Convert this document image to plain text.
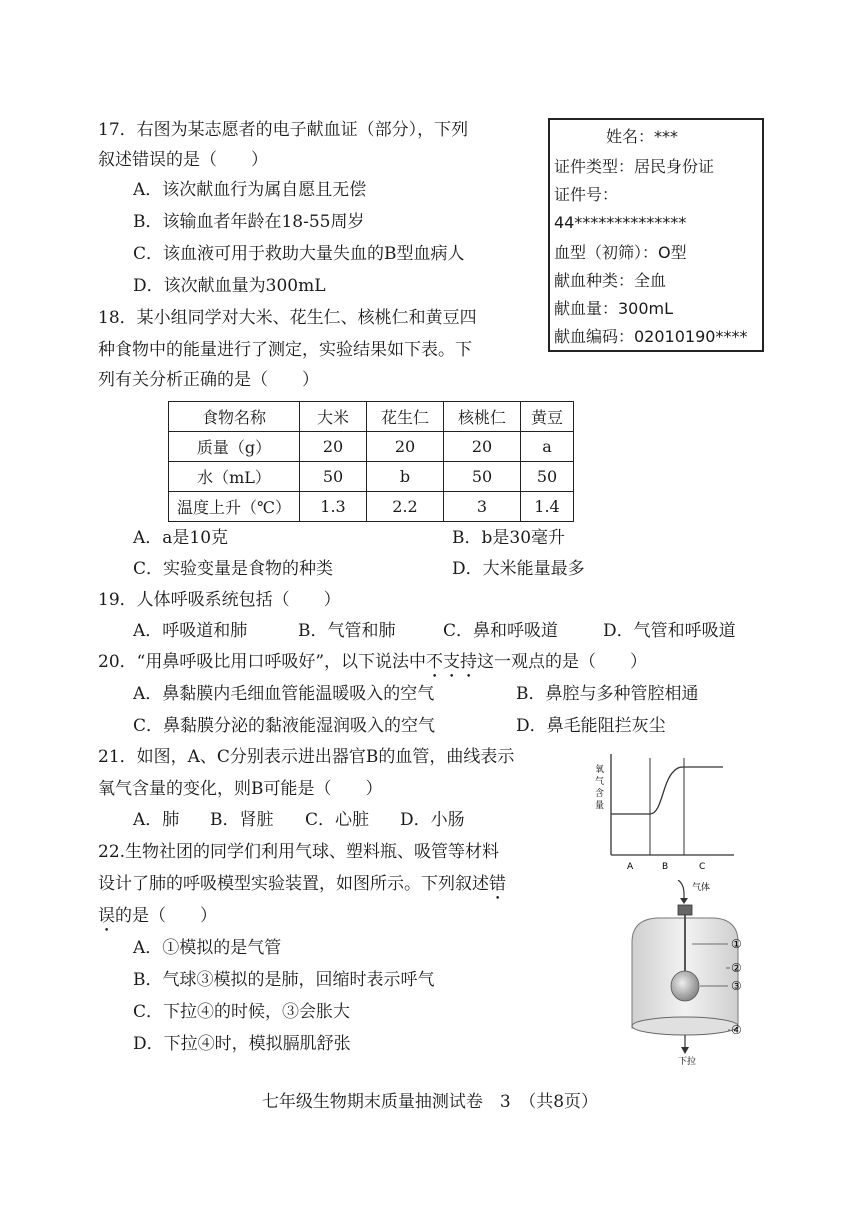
17．右图为某志愿者的电子献血证（部分），下列
叙述错误的是（　　）
A．该次献血行为属自愿且无偿
B．该输血者年龄在18-55周岁
C．该血液可用于救助大量失血的B型血病人
D．该次献血量为300mL
姓名：***
证件类型：居民身份证
证件号：
44**************
血型（初筛）：O型
献血种类：全血
献血量：300mL
献血编码：02010190****
18．某小组同学对大米、花生仁、核桃仁和黄豆四
种食物中的能量进行了测定，实验结果如下表。下
列有关分析正确的是（　　）
食物名称	大米	花生仁	核桃仁	黄豆
质量（g）	20	20	20	a
水（mL）	50	b	50	50
温度上升（℃）	1.3	2.2	3	1.4
A．a是10克	B．b是30毫升
C．实验变量是食物的种类	D．大米能量最多
19．人体呼吸系统包括（　　）
A．呼吸道和肺	B．气管和肺	C．鼻和呼吸道	D．气管和呼吸道
20．“用鼻呼吸比用口呼吸好”，以下说法中不支持这一观点的是（　　）
A．鼻黏膜内毛细血管能温暖吸入的空气	B．鼻腔与多种管腔相通
C．鼻黏膜分泌的黏液能湿润吸入的空气	D．鼻毛能阻拦灰尘
21．如图，A、C分别表示进出器官B的血管，曲线表示
氧气含量的变化，则B可能是（　　）
A．肺 B．肾脏 C．心脏 D．小肠
氧
气
含
量
A	B	C
22.生物社团的同学们利用气球、塑料瓶、吸管等材料
设计了肺的呼吸模型实验装置，如图所示。下列叙述错
误的是（　　）
A．①模拟的是气管
B．气球③模拟的是肺，回缩时表示呼气
C．下拉④的时候，③会胀大
D．下拉④时，模拟膈肌舒张
气体
下拉
①
②
③
④
七年级生物期末质量抽测试卷　3　（共8页）
